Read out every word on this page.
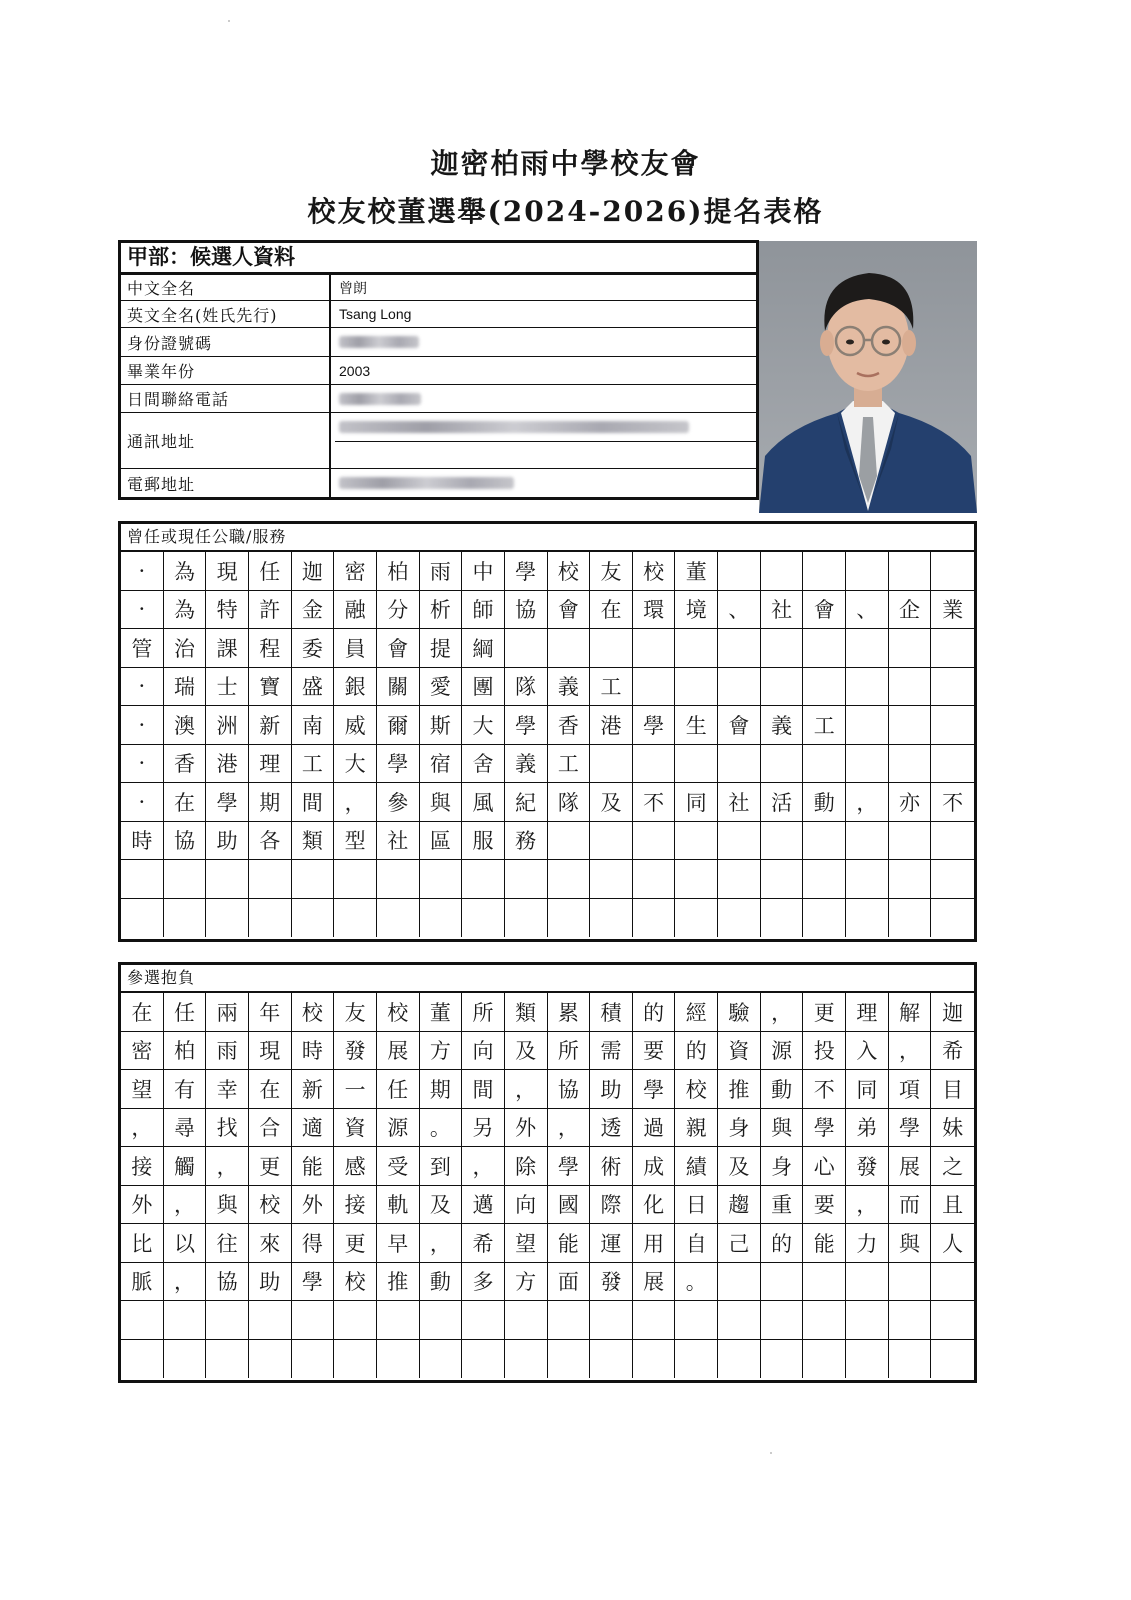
迦密柏雨中學校友會
校友校董選舉(2024-2026)提名表格
甲部：候選人資料
中文全名	曾朗
英文全名(姓氏先行)	Tsang Long
身份證號碼
畢業年份	2003
日間聯絡電話
通訊地址
電郵地址
曾任或現任公職/服務
·	為	現	任	迦	密	柏	雨	中	學	校	友	校	董
·	為	特	許	金	融	分	析	師	協	會	在	環	境	、	社	會	、	企	業
管	治	課	程	委	員	會	提	綱
·	瑞	士	寶	盛	銀	關	愛	團	隊	義	工
·	澳	洲	新	南	威	爾	斯	大	學	香	港	學	生	會	義	工
·	香	港	理	工	大	學	宿	舍	義	工
·	在	學	期	間	，	參	與	風	紀	隊	及	不	同	社	活	動	，	亦	不
時	協	助	各	類	型	社	區	服	務
參選抱負
在	任	兩	年	校	友	校	董	所	類	累	積	的	經	驗	，	更	理	解	迦
密	柏	雨	現	時	發	展	方	向	及	所	需	要	的	資	源	投	入	，	希
望	有	幸	在	新	一	任	期	間	，	協	助	學	校	推	動	不	同	項	目
，	尋	找	合	適	資	源	。	另	外	，	透	過	親	身	與	學	弟	學	妹
接	觸	，	更	能	感	受	到	，	除	學	術	成	績	及	身	心	發	展	之
外	，	與	校	外	接	軌	及	邁	向	國	際	化	日	趨	重	要	，	而	且
比	以	往	來	得	更	早	，	希	望	能	運	用	自	己	的	能	力	與	人
脈	，	協	助	學	校	推	動	多	方	面	發	展	。
